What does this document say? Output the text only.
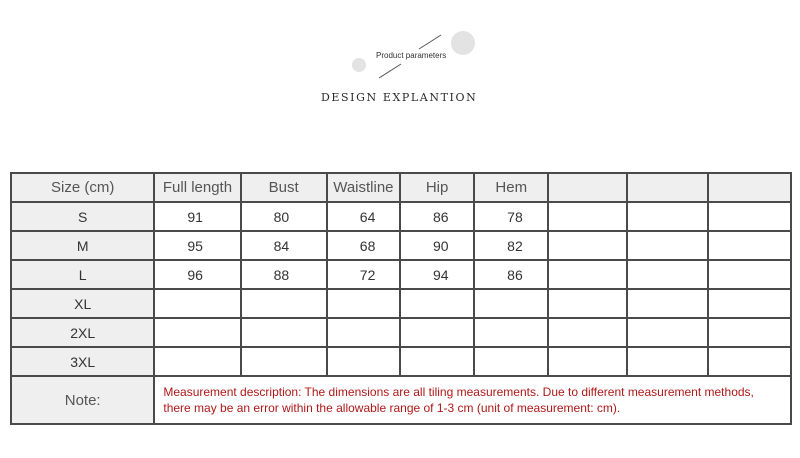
Product parameters
DESIGN EXPLANTION
Size (cm)	Full length	Bust	Waistline	Hip	Hem			
S	91	80	64	86	78			
M	95	84	68	90	82			
L	96	88	72	94	86			
XL								
2XL								
3XL								
Note:	Measurement description: The dimensions are all tiling measurements. Due to different measurement methods, there may be an error within the allowable range of 1-3 cm (unit of measurement: cm).							
